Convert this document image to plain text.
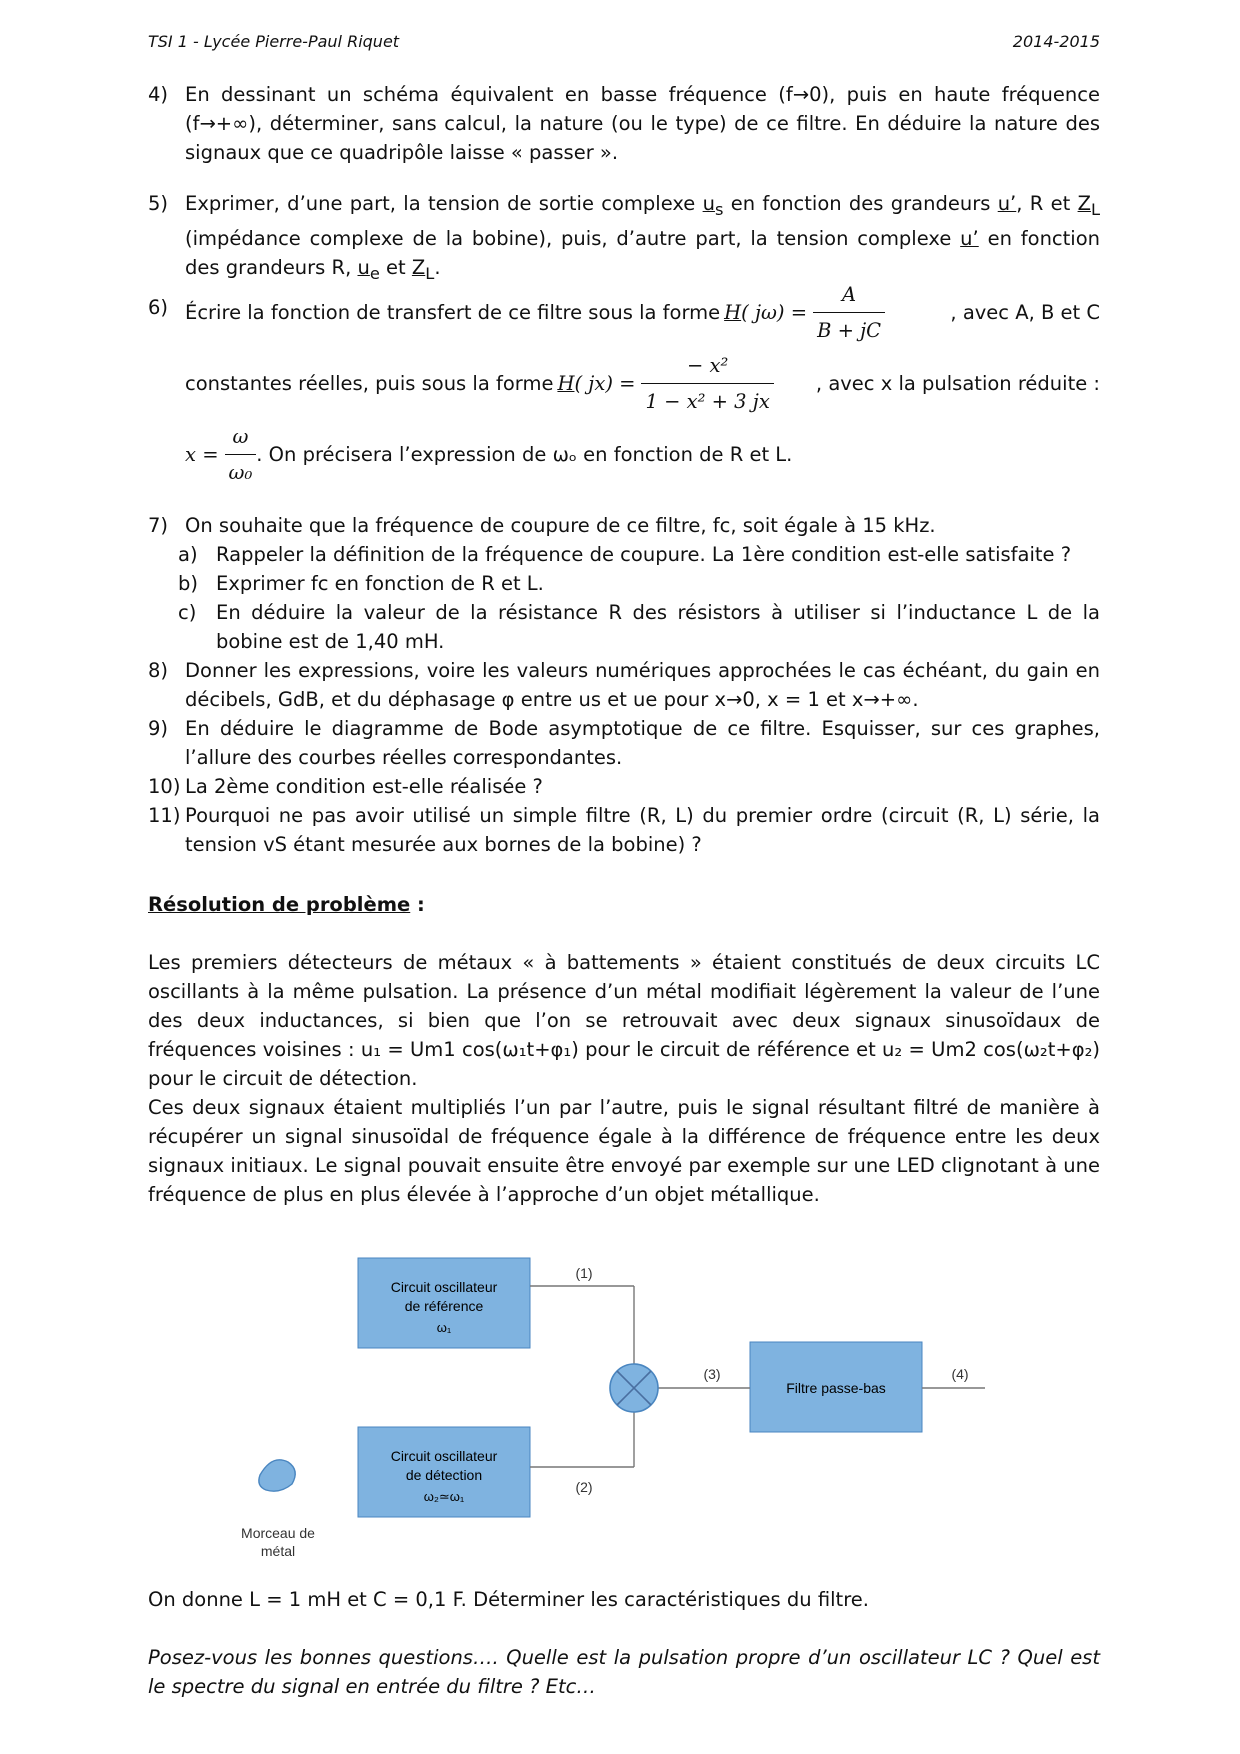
TSI 1 - Lycée Pierre-Paul Riquet	2014-2015
4) En dessinant un schéma équivalent en basse fréquence (f→0), puis en haute fréquence (f→+∞), déterminer, sans calcul, la nature (ou le type) de ce filtre. En déduire la nature des signaux que ce quadripôle laisse « passer ».
5) Exprimer, d’une part, la tension de sortie complexe $u_s$ en fonction des grandeurs u’, R et $Z_L$ (impédance complexe de la bobine), puis, d’autre part, la tension complexe u’ en fonction des grandeurs R, $u_e$ et $Z_L$.
6) Écrire la fonction de transfert de ce filtre sous la forme H( $j\omega) = \frac{A}{B + jC}$	, avec A, B et C
constantes réelles, puis sous la forme H( $jx) = \frac{\text{− x²}}{\text{1 − x² + 3 jx}}$ , avec x la pulsation réduite :
$x = \frac{\omega}{\text{ω₀}}$ . On précisera l’expression de ωₒ en fonction de R et L.
7) On souhaite que la fréquence de coupure de ce filtre, fᴄ, soit égale à 15 kHz.
a) Rappeler la définition de la fréquence de coupure. La 1ère condition est-elle satisfaite ?
b) Exprimer fᴄ en fonction de R et L.
c) En déduire la valeur de la résistance R des résistors à utiliser si l’inductance L de la bobine est de 1,40 mH.
8) Donner les expressions, voire les valeurs numériques approchées le cas échéant, du gain en décibels, GdB, et du déphasage φ entre us et ue pour x→0, x = 1 et x→+∞.
9) En déduire le diagramme de Bode asymptotique de ce filtre. Esquisser, sur ces graphes, l’allure des courbes réelles correspondantes.
10) La 2ème condition est-elle réalisée ?
11) Pourquoi ne pas avoir utilisé un simple filtre (R, L) du premier ordre (circuit (R, L) série, la tension vS étant mesurée aux bornes de la bobine) ?
Résolution de problème :
Les premiers détecteurs de métaux « à battements » étaient constitués de deux circuits LC oscillants à la même pulsation. La présence d’un métal modifiait légèrement la valeur de l’une des deux inductances, si bien que l’on se retrouvait avec deux signaux sinusoïdaux de fréquences voisines : u₁ = Um1 cos(ω₁t+φ₁) pour le circuit de référence et u₂ = Um2 cos(ω₂t+φ₂) pour le circuit de détection.
Ces deux signaux étaient multipliés l’un par l’autre, puis le signal résultant filtré de manière à récupérer un signal sinusoïdal de fréquence égale à la différence de fréquence entre les deux signaux initiaux. Le signal pouvait ensuite être envoyé par exemple sur une LED clignotant à une fréquence de plus en plus élevée à l’approche d’un objet métallique.
Circuit oscillateur
de référence
ω₁
Circuit oscillateur
de détection
ω₂≃ω₁
Filtre passe-bas
(1)
(2)
(3)	(4)
Morceau de
métal
On donne L = 1 mH et C = 0,1 F. Déterminer les caractéristiques du filtre.
Posez-vous les bonnes questions…. Quelle est la pulsation propre d’un oscillateur LC ? Quel est le spectre du signal en entrée du filtre ? Etc…
